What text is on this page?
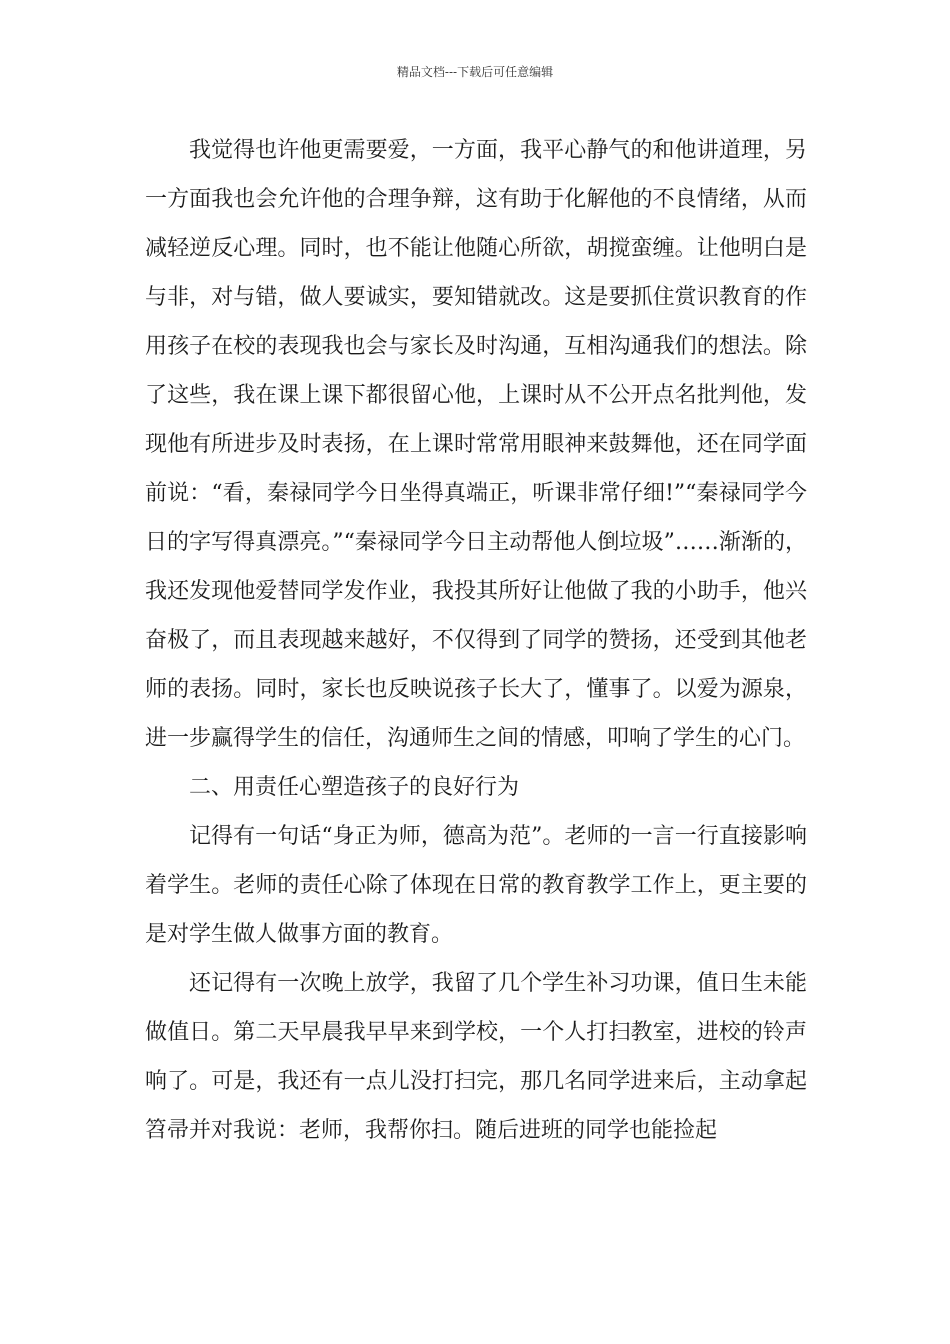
精品文档---下载后可任意编辑

我觉得也许他更需要爱，一方面，我平心静气的和他讲道理，另一方面我也会允许他的合理争辩，这有助于化解他的不良情绪，从而减轻逆反心理。同时，也不能让他随心所欲，胡搅蛮缠。让他明白是与非，对与错，做人要诚实，要知错就改。这是要抓住赏识教育的作用孩子在校的表现我也会与家长及时沟通，互相沟通我们的想法。除了这些，我在课上课下都很留心他，上课时从不公开点名批判他，发现他有所进步及时表扬，在上课时常常用眼神来鼓舞他，还在同学面前说：“看，秦禄同学今日坐得真端正，听课非常仔细!”“秦禄同学今日的字写得真漂亮。”“秦禄同学今日主动帮他人倒垃圾”……渐渐的，我还发现他爱替同学发作业，我投其所好让他做了我的小助手，他兴奋极了，而且表现越来越好，不仅得到了同学的赞扬，还受到其他老师的表扬。同时，家长也反映说孩子长大了，懂事了。以爱为源泉，进一步赢得学生的信任，沟通师生之间的情感，叩响了学生的心门。

二、用责任心塑造孩子的良好行为

记得有一句话“身正为师，德高为范”。老师的一言一行直接影响着学生。老师的责任心除了体现在日常的教育教学工作上，更主要的是对学生做人做事方面的教育。

还记得有一次晚上放学，我留了几个学生补习功课，值日生未能做值日。第二天早晨我早早来到学校，一个人打扫教室，进校的铃声响了。可是，我还有一点儿没打扫完，那几名同学进来后，主动拿起笤帚并对我说：老师，我帮你扫。随后进班的同学也能捡起
